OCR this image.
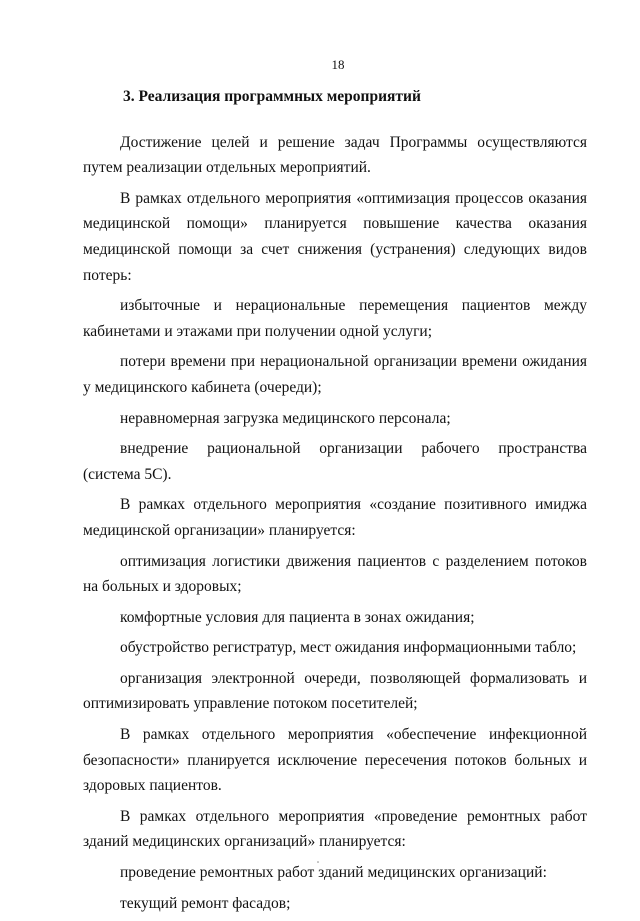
18
3. Реализация программных мероприятий

Достижение целей и решение задач Программы осуществляются путем реализации отдельных мероприятий.

В рамках отдельного мероприятия «оптимизация процессов оказания медицинской помощи» планируется повышение качества оказания медицинской помощи за счет снижения (устранения) следующих видов потерь:

избыточные и нерациональные перемещения пациентов между кабинетами и этажами при получении одной услуги;

потери времени при нерациональной организации времени ожидания у медицинского кабинета (очереди);

неравномерная загрузка медицинского персонала;

внедрение рациональной организации рабочего пространства (система 5С).

В рамках отдельного мероприятия «создание позитивного имиджа медицинской организации» планируется:

оптимизация логистики движения пациентов с разделением потоков на больных и здоровых;

комфортные условия для пациента в зонах ожидания;

обустройство регистратур, мест ожидания информационными табло;

организация электронной очереди, позволяющей формализовать и оптимизировать управление потоком посетителей;

В рамках отдельного мероприятия «обеспечение инфекционной безопасности» планируется исключение пересечения потоков больных и здоровых пациентов.

В рамках отдельного мероприятия «проведение ремонтных работ зданий медицинских организаций» планируется:

проведение ремонтных работ зданий медицинских организаций:

текущий ремонт фасадов;
